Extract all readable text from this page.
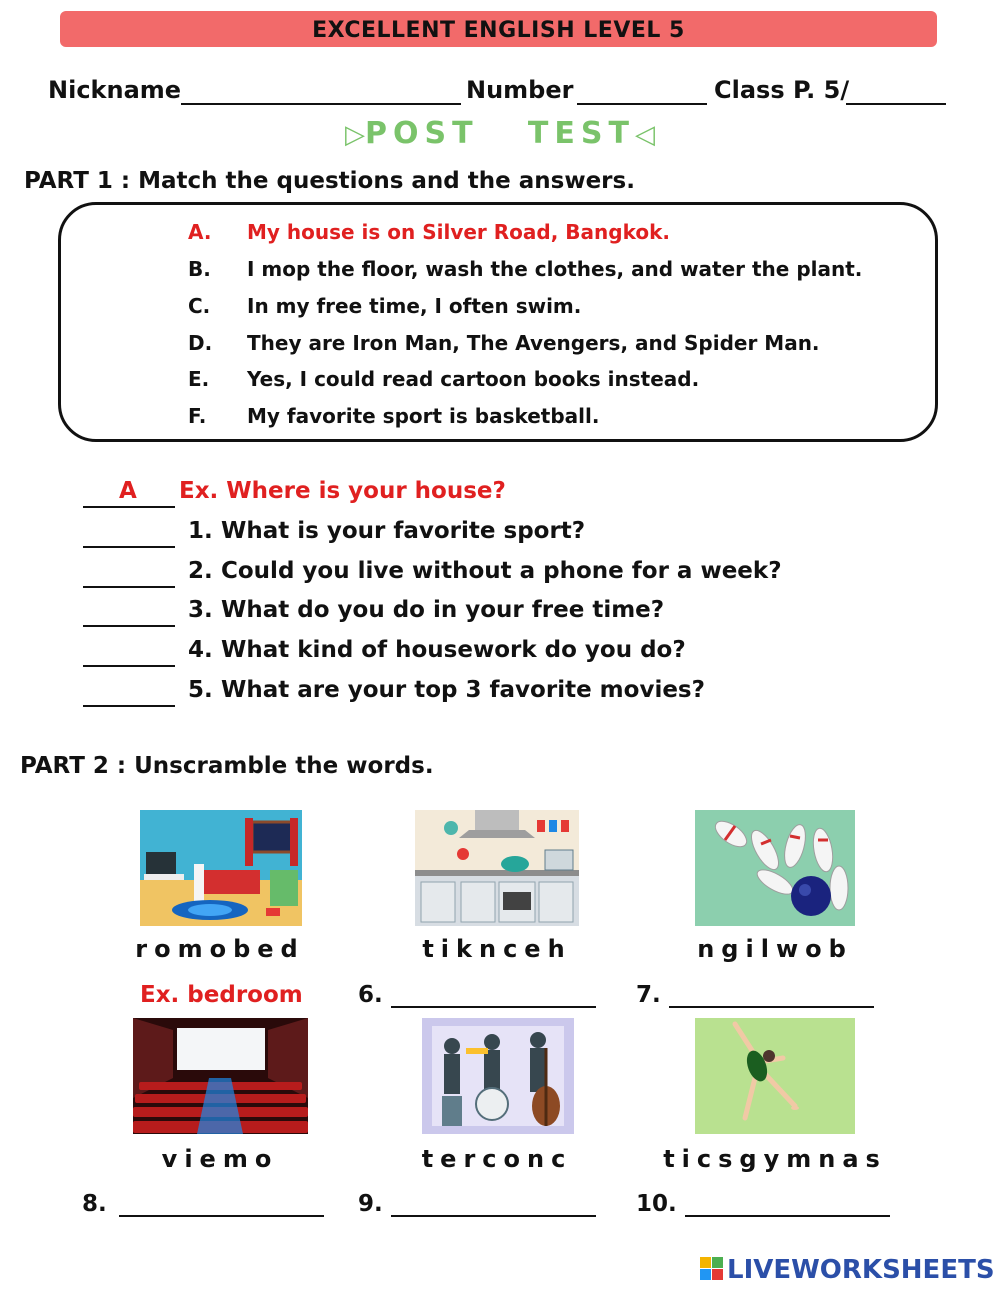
EXCELLENT ENGLISH LEVEL 5
Nickname	Number	Class P. 5/
▷POST   TEST◁
PART 1 : Match the questions and the answers.
A. My house is on Silver Road, Bangkok.
B. I mop the floor, wash the clothes, and water the plant.
C. In my free time, I often swim.
D. They are Iron Man, The Avengers, and Spider Man.
E. Yes, I could read cartoon books instead.
F. My favorite sport is basketball.
A Ex. Where is your house?
1. What is your favorite sport?
2. Could you live without a phone for a week?
3. What do you do in your free time?
4. What kind of housework do you do?
5. What are your top 3 favorite movies?
PART 2 : Unscramble the words.
romobed	tiknceh	ngilwob
Ex. bedroom 6.	7.
viemo	terconc	ticsgymnas
8.	9.	10.
LIVEWORKSHEETS
